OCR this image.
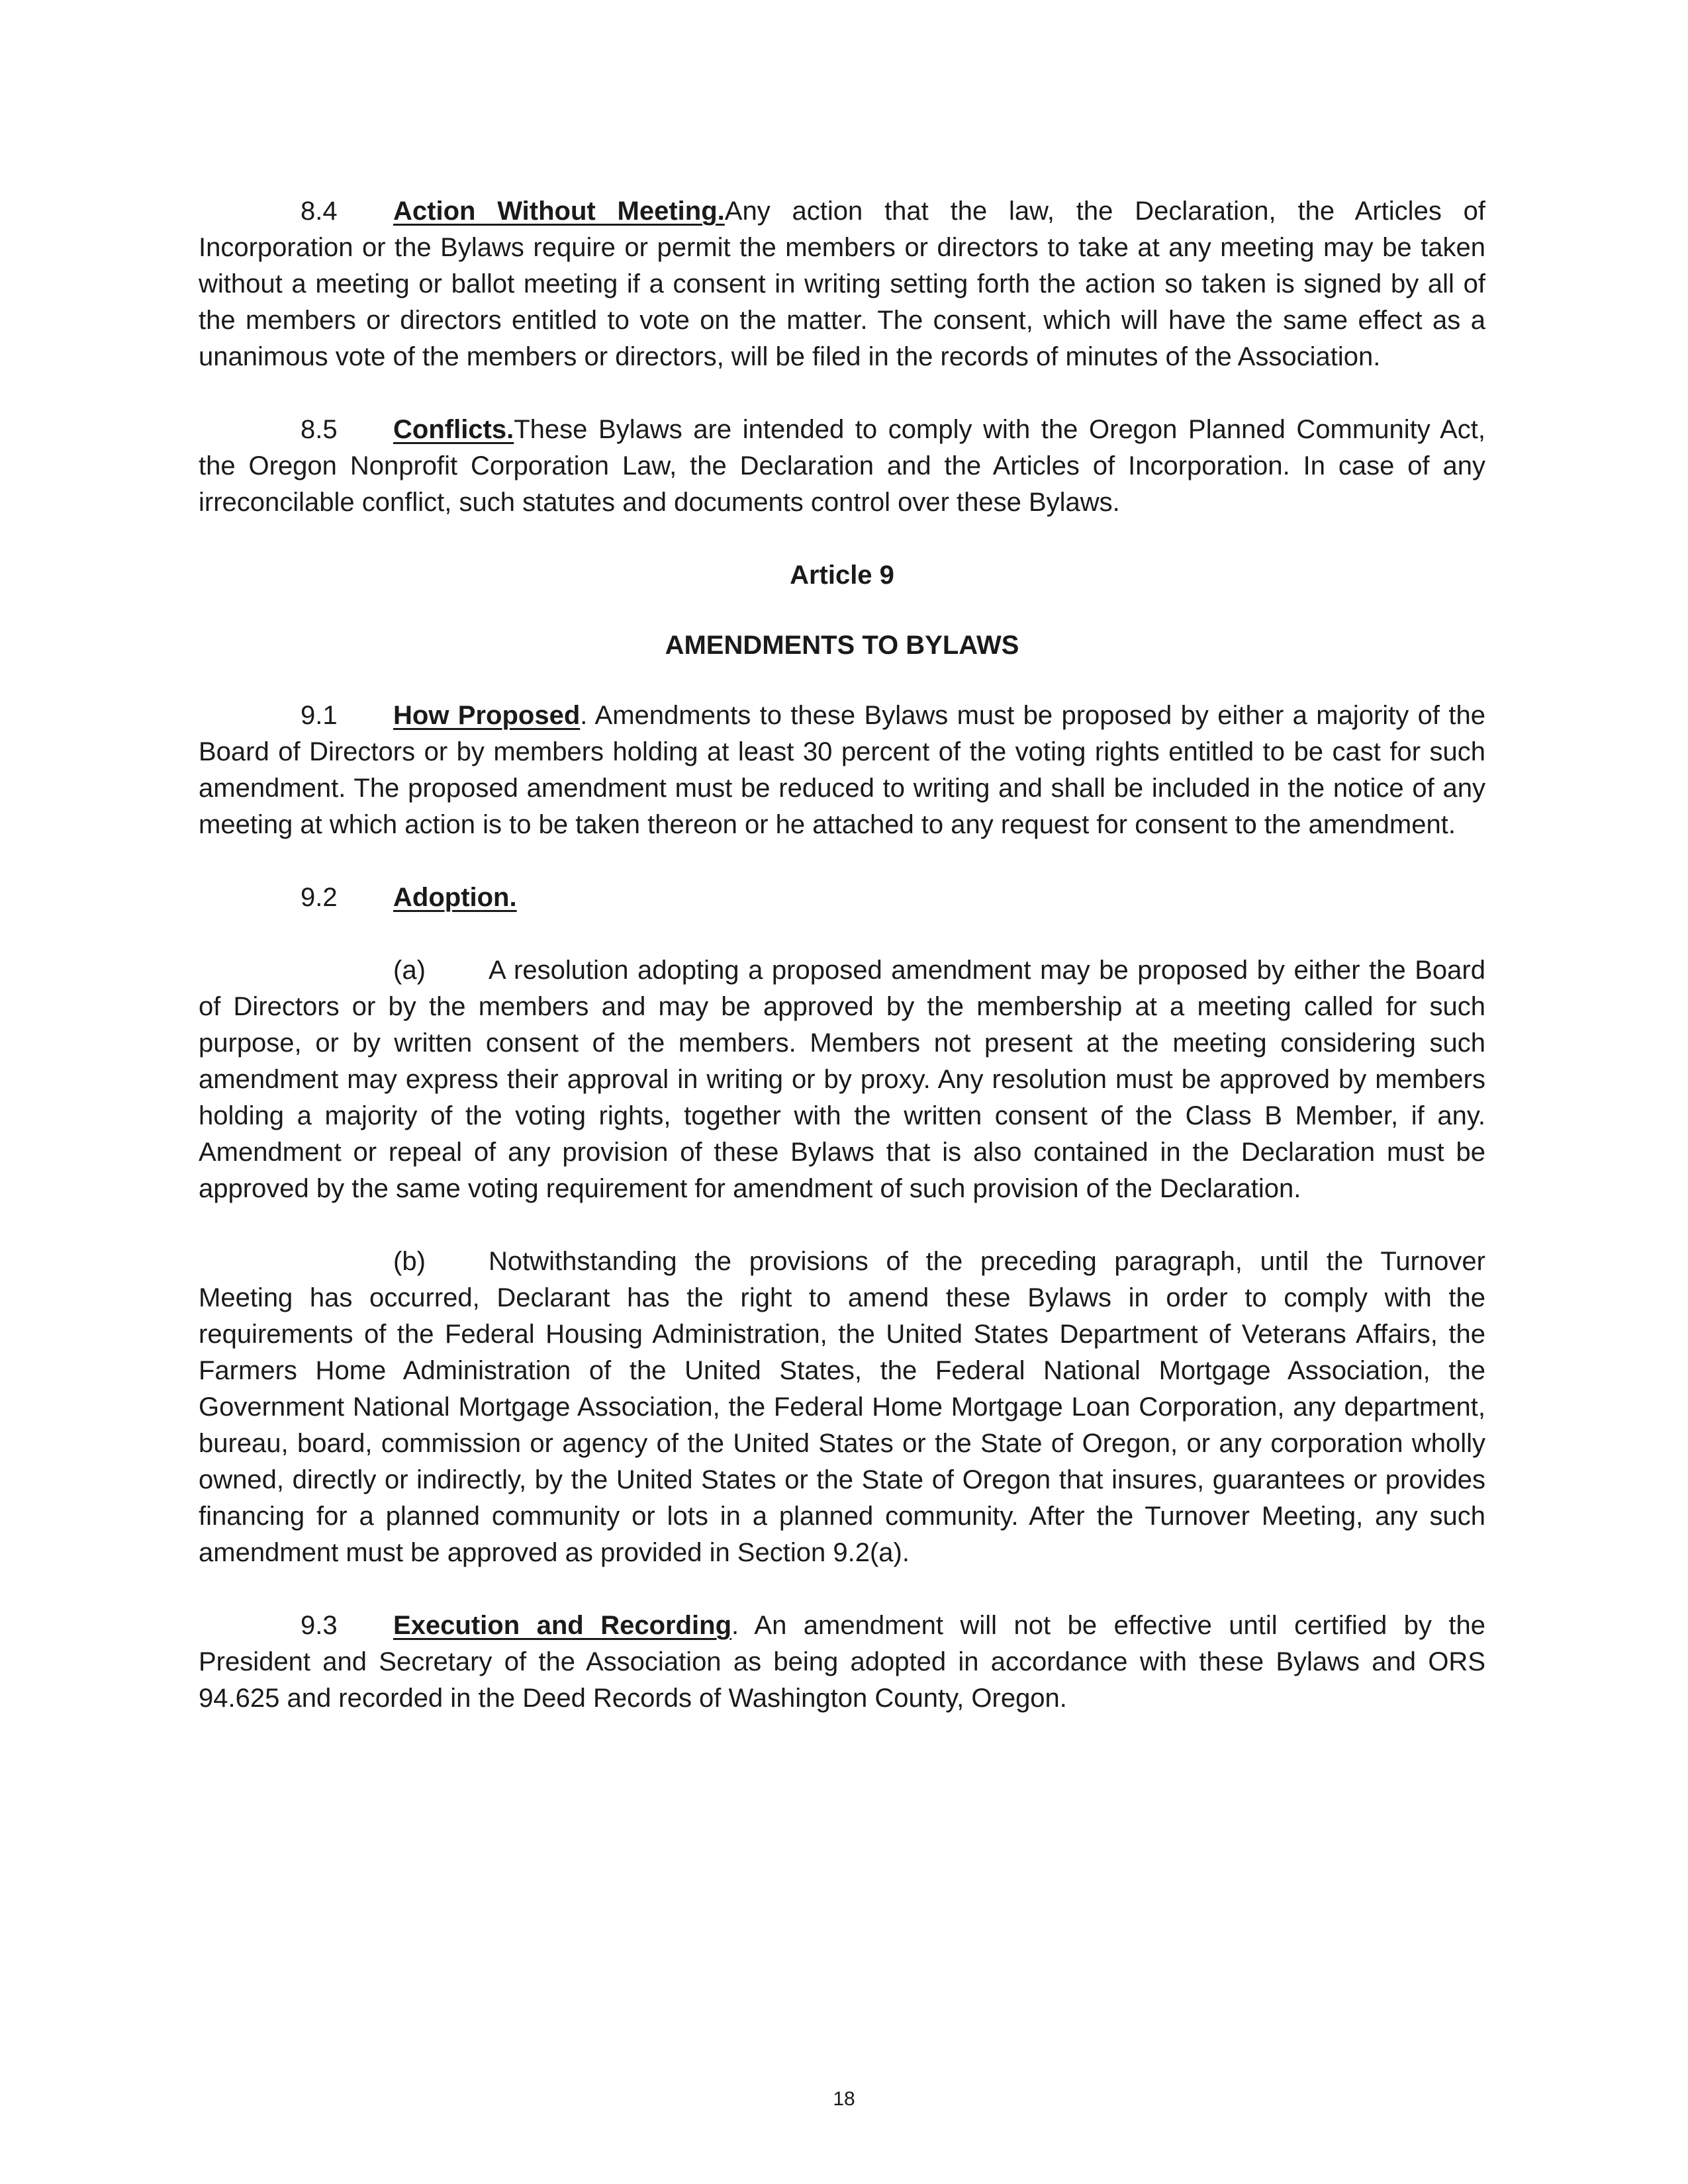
8.4 Action Without Meeting.Any action that the law, the Declaration, the Articles of Incorporation or the Bylaws require or permit the members or directors to take at any meeting may be taken without a meeting or ballot meeting if a consent in writing setting forth the action so taken is signed by all of the members or directors entitled to vote on the matter. The consent, which will have the same effect as a unanimous vote of the members or directors, will be filed in the records of minutes of the Association.

8.5 Conflicts.These Bylaws are intended to comply with the Oregon Planned Community Act, the Oregon Nonprofit Corporation Law, the Declaration and the Articles of Incorporation. In case of any irreconcilable conflict, such statutes and documents control over these Bylaws.

Article 9

AMENDMENTS TO BYLAWS

9.1 How Proposed. Amendments to these Bylaws must be proposed by either a majority of the Board of Directors or by members holding at least 30 percent of the voting rights entitled to be cast for such amendment. The proposed amendment must be reduced to writing and shall be included in the notice of any meeting at which action is to be taken thereon or he attached to any request for consent to the amendment.

9.2 Adoption.

(a) A resolution adopting a proposed amendment may be proposed by either the Board of Directors or by the members and may be approved by the membership at a meeting called for such purpose, or by written consent of the members. Members not present at the meeting considering such amendment may express their approval in writing or by proxy. Any resolution must be approved by members holding a majority of the voting rights, together with the written consent of the Class B Member, if any. Amendment or repeal of any provision of these Bylaws that is also contained in the Declaration must be approved by the same voting requirement for amendment of such provision of the Declaration.

(b) Notwithstanding the provisions of the preceding paragraph, until the Turnover Meeting has occurred, Declarant has the right to amend these Bylaws in order to comply with the requirements of the Federal Housing Administration, the United States Department of Veterans Affairs, the Farmers Home Administration of the United States, the Federal National Mortgage Association, the Government National Mortgage Association, the Federal Home Mortgage Loan Corporation, any department, bureau, board, commission or agency of the United States or the State of Oregon, or any corporation wholly owned, directly or indirectly, by the United States or the State of Oregon that insures, guarantees or provides financing for a planned community or lots in a planned community. After the Turnover Meeting, any such amendment must be approved as provided in Section 9.2(a).

9.3 Execution and Recording. An amendment will not be effective until certified by the President and Secretary of the Association as being adopted in accordance with these Bylaws and ORS 94.625 and recorded in the Deed Records of Washington County, Oregon.

18
